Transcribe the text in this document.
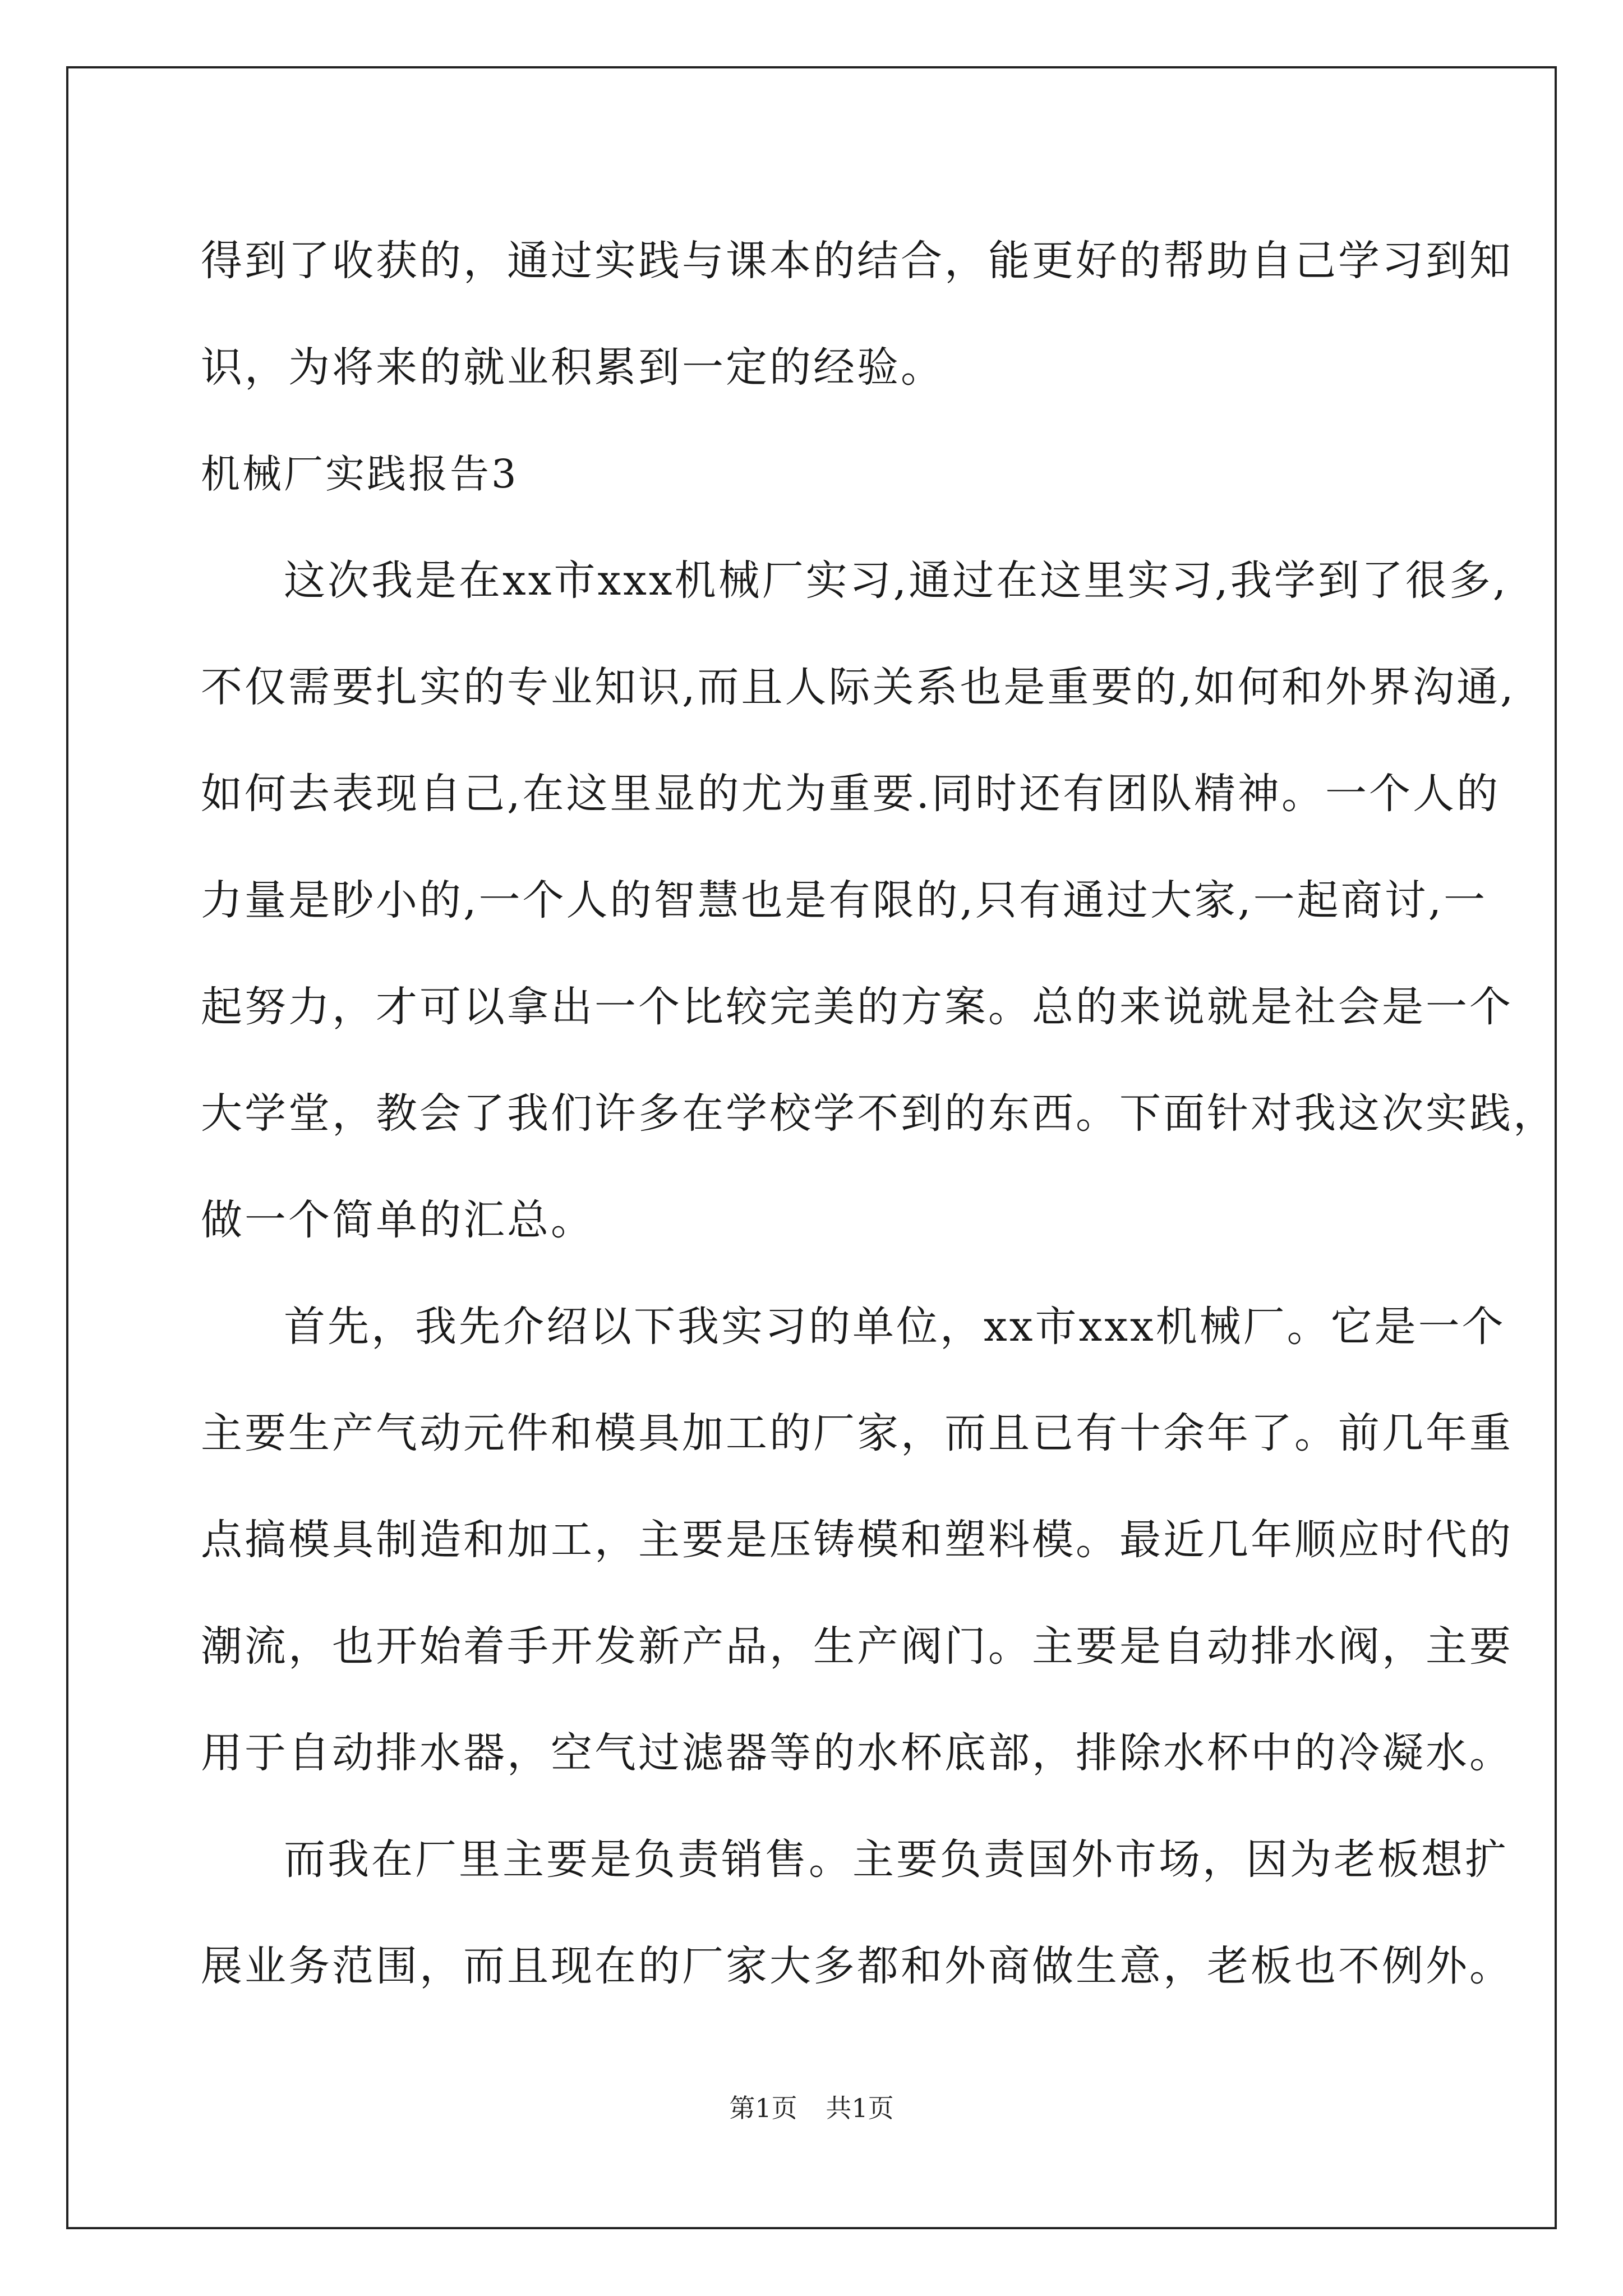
得到了收获的，通过实践与课本的结合，能更好的帮助自己学习到知
识，为将来的就业积累到一定的经验。
机械厂实践报告3
这次我是在xx市xxx机械厂实习,通过在这里实习,我学到了很多,
不仅需要扎实的专业知识,而且人际关系也是重要的,如何和外界沟通,
如何去表现自己,在这里显的尤为重要.同时还有团队精神。一个人的
力量是眇小的,一个人的智慧也是有限的,只有通过大家,一起商讨,一
起努力，才可以拿出一个比较完美的方案。总的来说就是社会是一个
大学堂，教会了我们许多在学校学不到的东西。下面针对我这次实践，
做一个简单的汇总。
首先，我先介绍以下我实习的单位，xx市xxx机械厂。它是一个
主要生产气动元件和模具加工的厂家，而且已有十余年了。前几年重
点搞模具制造和加工，主要是压铸模和塑料模。最近几年顺应时代的
潮流，也开始着手开发新产品，生产阀门。主要是自动排水阀，主要
用于自动排水器，空气过滤器等的水杯底部，排除水杯中的冷凝水。
而我在厂里主要是负责销售。主要负责国外市场，因为老板想扩
展业务范围，而且现在的厂家大多都和外商做生意，老板也不例外。
第1页 共1页
